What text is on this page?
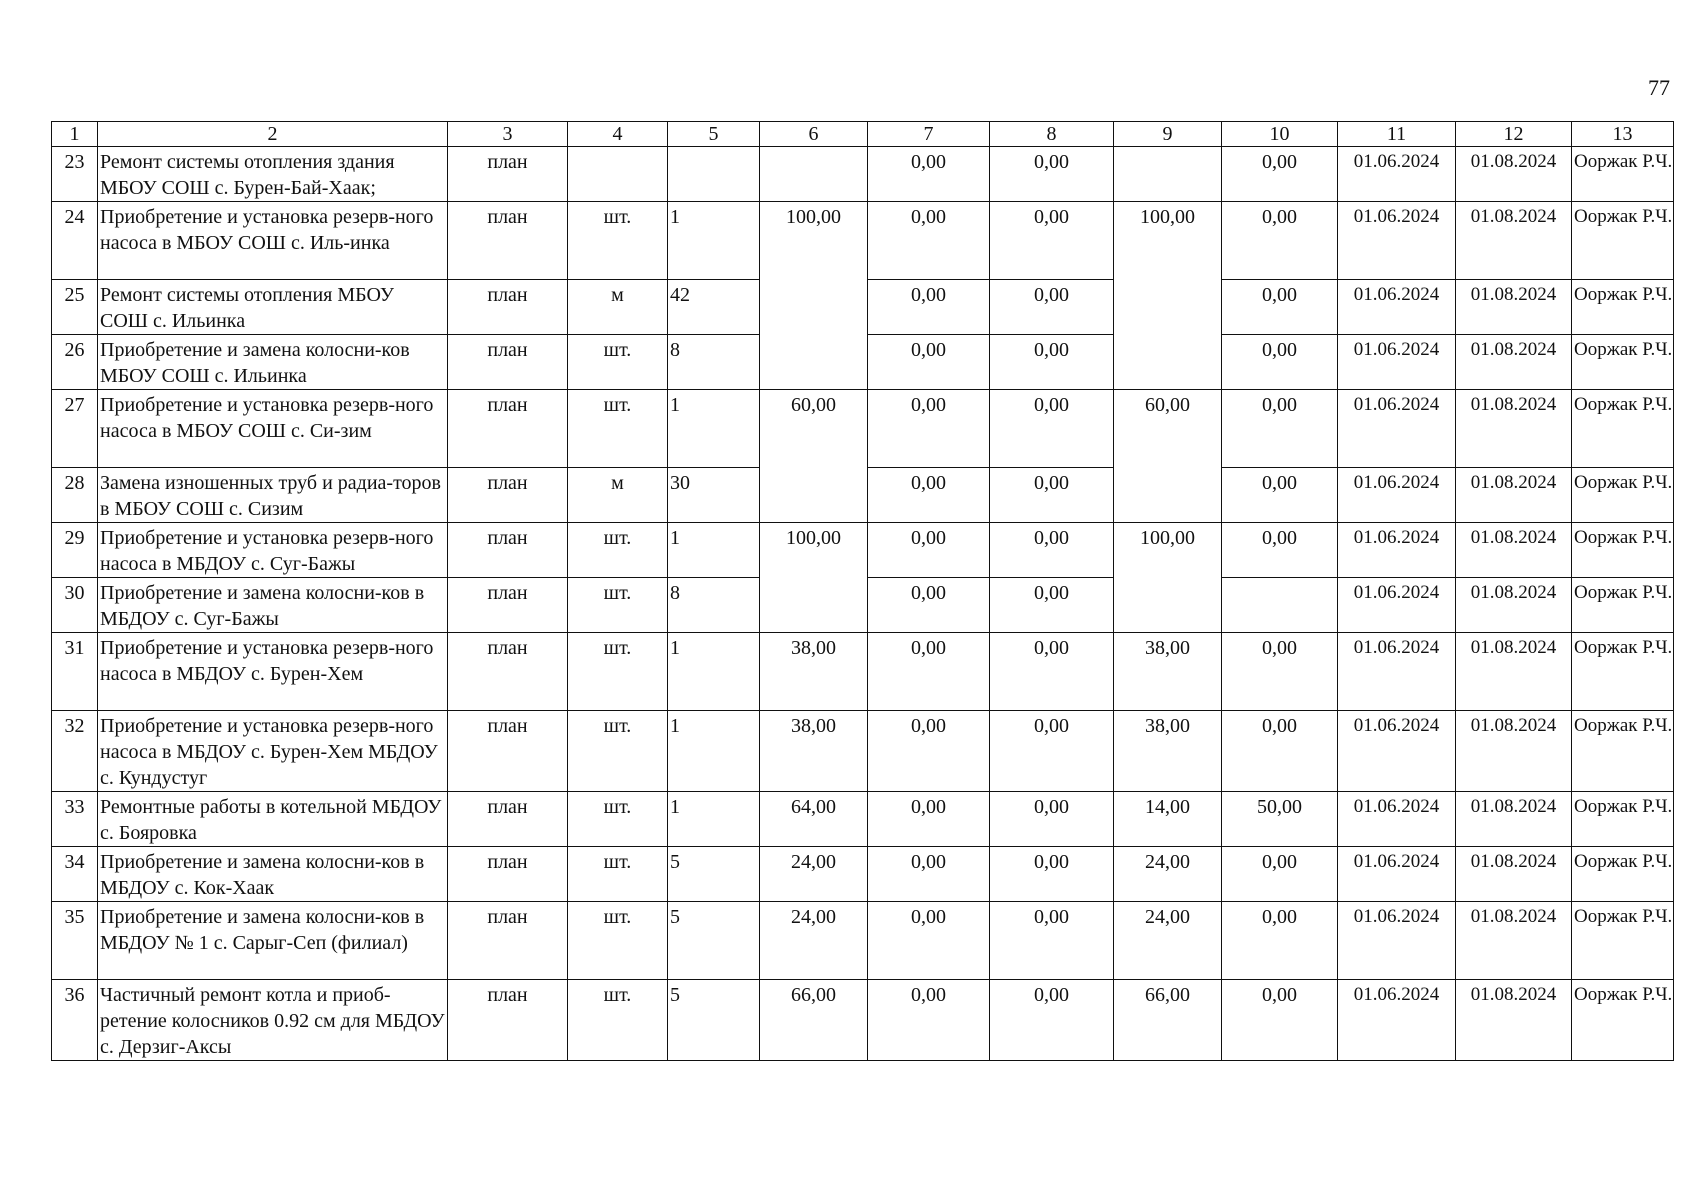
77
1	2	3	4	5	6	7	8	9	10	11	12	13
23	Ремонт системы отопления здания МБОУ СОШ с. Бурен-Бай-Хаак;	план				0,00	0,00		0,00	01.06.2024	01.08.2024	Ооржак Р.Ч.
24	Приобретение и установка резерв-ного насоса в МБОУ СОШ с. Иль-инка	план	шт.	1	100,00	0,00	0,00	100,00	0,00	01.06.2024	01.08.2024	Ооржак Р.Ч.
25	Ремонт системы отопления МБОУ СОШ с. Ильинка	план	м	42		0,00	0,00		0,00	01.06.2024	01.08.2024	Ооржак Р.Ч.
26	Приобретение и замена колосни-ков МБОУ СОШ с. Ильинка	план	шт.	8		0,00	0,00		0,00	01.06.2024	01.08.2024	Ооржак Р.Ч.
27	Приобретение и установка резерв-ного насоса в МБОУ СОШ с. Си-зим	план	шт.	1	60,00	0,00	0,00	60,00	0,00	01.06.2024	01.08.2024	Ооржак Р.Ч.
28	Замена изношенных труб и радиа-торов в МБОУ СОШ с. Сизим	план	м	30		0,00	0,00		0,00	01.06.2024	01.08.2024	Ооржак Р.Ч.
29	Приобретение и установка резерв-ного насоса в МБДОУ с. Суг-Бажы	план	шт.	1	100,00	0,00	0,00	100,00	0,00	01.06.2024	01.08.2024	Ооржак Р.Ч.
30	Приобретение и замена колосни-ков в МБДОУ с. Суг-Бажы	план	шт.	8		0,00	0,00			01.06.2024	01.08.2024	Ооржак Р.Ч.
31	Приобретение и установка резерв-ного насоса в МБДОУ с. Бурен-Хем	план	шт.	1	38,00	0,00	0,00	38,00	0,00	01.06.2024	01.08.2024	Ооржак Р.Ч.
32	Приобретение и установка резерв-ного насоса в МБДОУ с. Бурен-Хем МБДОУ с. Кундустуг	план	шт.	1	38,00	0,00	0,00	38,00	0,00	01.06.2024	01.08.2024	Ооржак Р.Ч.
33	Ремонтные работы в котельной МБДОУ с. Бояровка	план	шт.	1	64,00	0,00	0,00	14,00	50,00	01.06.2024	01.08.2024	Ооржак Р.Ч.
34	Приобретение и замена колосни-ков в МБДОУ с. Кок-Хаак	план	шт.	5	24,00	0,00	0,00	24,00	0,00	01.06.2024	01.08.2024	Ооржак Р.Ч.
35	Приобретение и замена колосни-ков в МБДОУ № 1 с. Сарыг-Сеп (филиал)	план	шт.	5	24,00	0,00	0,00	24,00	0,00	01.06.2024	01.08.2024	Ооржак Р.Ч.
36	Частичный ремонт котла и приоб-ретение колосников 0.92 см для МБДОУ с. Дерзиг-Аксы	план	шт.	5	66,00	0,00	0,00	66,00	0,00	01.06.2024	01.08.2024	Ооржак Р.Ч.
